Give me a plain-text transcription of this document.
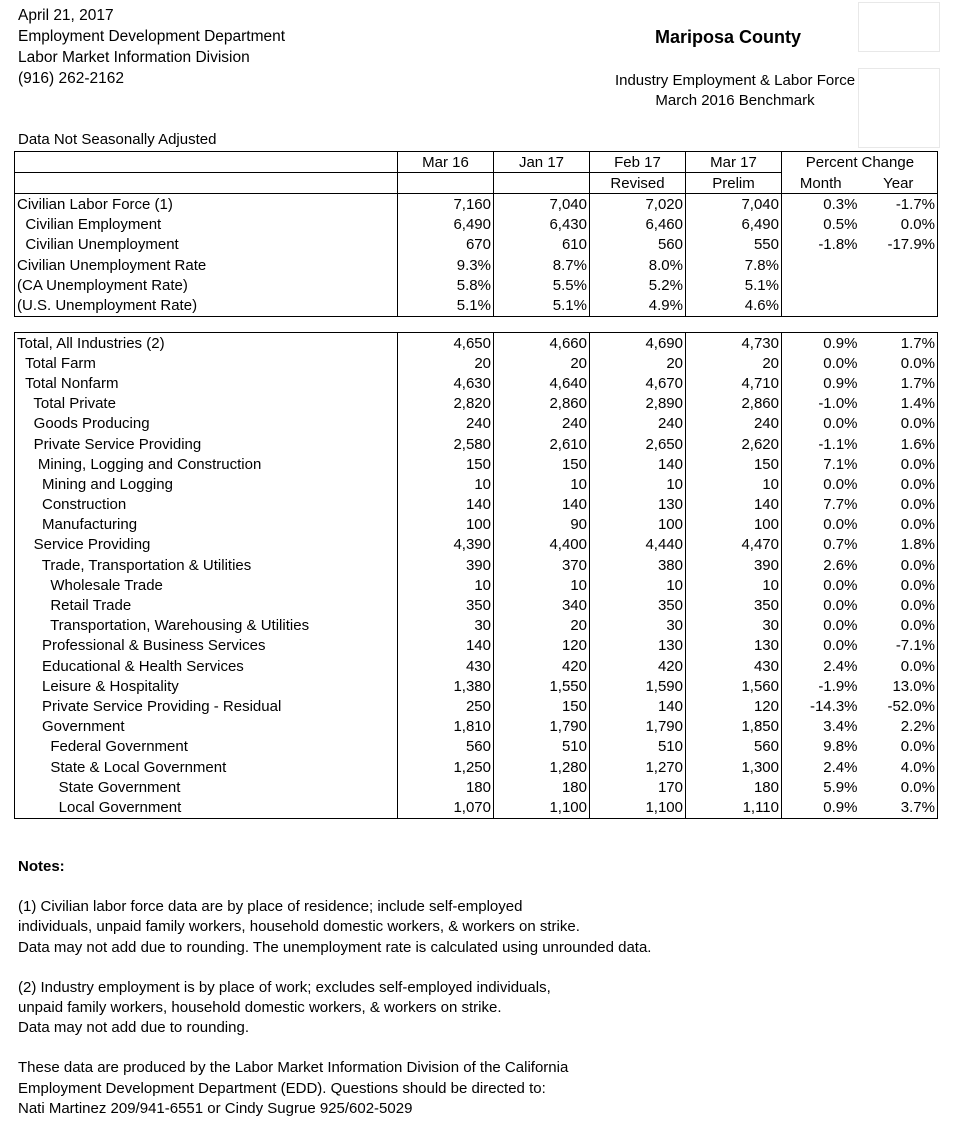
April 21, 2017
Employment Development Department
Labor Market Information Division
(916) 262-2162
Mariposa County
Industry Employment & Labor Force
March 2016 Benchmark
Data Not Seasonally Adjusted
	Mar 16	Jan 17	Feb 17	Mar 17	Percent	Change
			Revised	Prelim	Month	Year
Civilian Labor Force (1)	7,160	7,040	7,020	7,040	0.3%	-1.7%
Civilian Employment	6,490	6,430	6,460	6,490	0.5%	0.0%
Civilian Unemployment	670	610	560	550	-1.8%	-17.9%
Civilian Unemployment Rate	9.3%	8.7%	8.0%	7.8%		
(CA Unemployment Rate)	5.8%	5.5%	5.2%	5.1%		
(U.S. Unemployment Rate)	5.1%	5.1%	4.9%	4.6%		
Total, All Industries (2)	4,650	4,660	4,690	4,730	0.9%	1.7%
Total Farm	20	20	20	20	0.0%	0.0%
Total Nonfarm	4,630	4,640	4,670	4,710	0.9%	1.7%
Total Private	2,820	2,860	2,890	2,860	-1.0%	1.4%
Goods Producing	240	240	240	240	0.0%	0.0%
Private Service Providing	2,580	2,610	2,650	2,620	-1.1%	1.6%
Mining, Logging and Construction	150	150	140	150	7.1%	0.0%
Mining and Logging	10	10	10	10	0.0%	0.0%
Construction	140	140	130	140	7.7%	0.0%
Manufacturing	100	90	100	100	0.0%	0.0%
Service Providing	4,390	4,400	4,440	4,470	0.7%	1.8%
Trade, Transportation & Utilities	390	370	380	390	2.6%	0.0%
Wholesale Trade	10	10	10	10	0.0%	0.0%
Retail Trade	350	340	350	350	0.0%	0.0%
Transportation, Warehousing & Utilities	30	20	30	30	0.0%	0.0%
Professional & Business Services	140	120	130	130	0.0%	-7.1%
Educational & Health Services	430	420	420	430	2.4%	0.0%
Leisure & Hospitality	1,380	1,550	1,590	1,560	-1.9%	13.0%
Private Service Providing - Residual	250	150	140	120	-14.3%	-52.0%
Government	1,810	1,790	1,790	1,850	3.4%	2.2%
Federal Government	560	510	510	560	9.8%	0.0%
State & Local Government	1,250	1,280	1,270	1,300	2.4%	4.0%
State Government	180	180	170	180	5.9%	0.0%
Local Government	1,070	1,100	1,100	1,110	0.9%	3.7%

Notes:

(1) Civilian labor force data are by place of residence; include self-employed

individuals, unpaid family workers, household domestic workers, & workers on strike.

Data may not add due to rounding. The unemployment rate is calculated using unrounded data.

(2) Industry employment is by place of work; excludes self-employed individuals,

unpaid family workers, household domestic workers, & workers on strike.

Data may not add due to rounding.

These data are produced by the Labor Market Information Division of the California

Employment Development Department (EDD). Questions should be directed to:

Nati Martinez 209/941-6551 or Cindy Sugrue 925/602-5029
